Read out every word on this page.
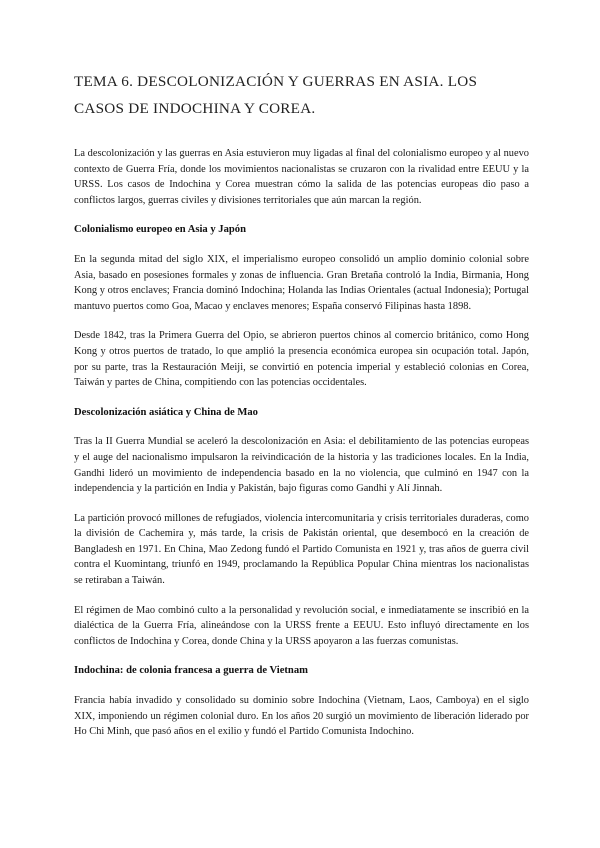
TEMA 6. DESCOLONIZACIÓN Y GUERRAS EN ASIA. LOS CASOS DE INDOCHINA Y COREA.

La descolonización y las guerras en Asia estuvieron muy ligadas al final del colonialismo europeo y al nuevo contexto de Guerra Fría, donde los movimientos nacionalistas se cruzaron con la rivalidad entre EEUU y la URSS. Los casos de Indochina y Corea muestran cómo la salida de las potencias europeas dio paso a conflictos largos, guerras civiles y divisiones territoriales que aún marcan la región.

Colonialismo europeo en Asia y Japón

En la segunda mitad del siglo XIX, el imperialismo europeo consolidó un amplio dominio colonial sobre Asia, basado en posesiones formales y zonas de influencia. Gran Bretaña controló la India, Birmania, Hong Kong y otros enclaves; Francia dominó Indochina; Holanda las Indias Orientales (actual Indonesia); Portugal mantuvo puertos como Goa, Macao y enclaves menores; España conservó Filipinas hasta 1898.

Desde 1842, tras la Primera Guerra del Opio, se abrieron puertos chinos al comercio británico, como Hong Kong y otros puertos de tratado, lo que amplió la presencia económica europea sin ocupación total. Japón, por su parte, tras la Restauración Meiji, se convirtió en potencia imperial y estableció colonias en Corea, Taiwán y partes de China, compitiendo con las potencias occidentales.

Descolonización asiática y China de Mao

Tras la II Guerra Mundial se aceleró la descolonización en Asia: el debilitamiento de las potencias europeas y el auge del nacionalismo impulsaron la reivindicación de la historia y las tradiciones locales. En la India, Gandhi lideró un movimiento de independencia basado en la no violencia, que culminó en 1947 con la independencia y la partición en India y Pakistán, bajo figuras como Gandhi y Alí Jinnah.

La partición provocó millones de refugiados, violencia intercomunitaria y crisis territoriales duraderas, como la división de Cachemira y, más tarde, la crisis de Pakistán oriental, que desembocó en la creación de Bangladesh en 1971. En China, Mao Zedong fundó el Partido Comunista en 1921 y, tras años de guerra civil contra el Kuomintang, triunfó en 1949, proclamando la República Popular China mientras los nacionalistas se retiraban a Taiwán.

El régimen de Mao combinó culto a la personalidad y revolución social, e inmediatamente se inscribió en la dialéctica de la Guerra Fría, alineándose con la URSS frente a EEUU. Esto influyó directamente en los conflictos de Indochina y Corea, donde China y la URSS apoyaron a las fuerzas comunistas.

Indochina: de colonia francesa a guerra de Vietnam

Francia había invadido y consolidado su dominio sobre Indochina (Vietnam, Laos, Camboya) en el siglo XIX, imponiendo un régimen colonial duro. En los años 20 surgió un movimiento de liberación liderado por Ho Chi Minh, que pasó años en el exilio y fundó el Partido Comunista Indochino.
